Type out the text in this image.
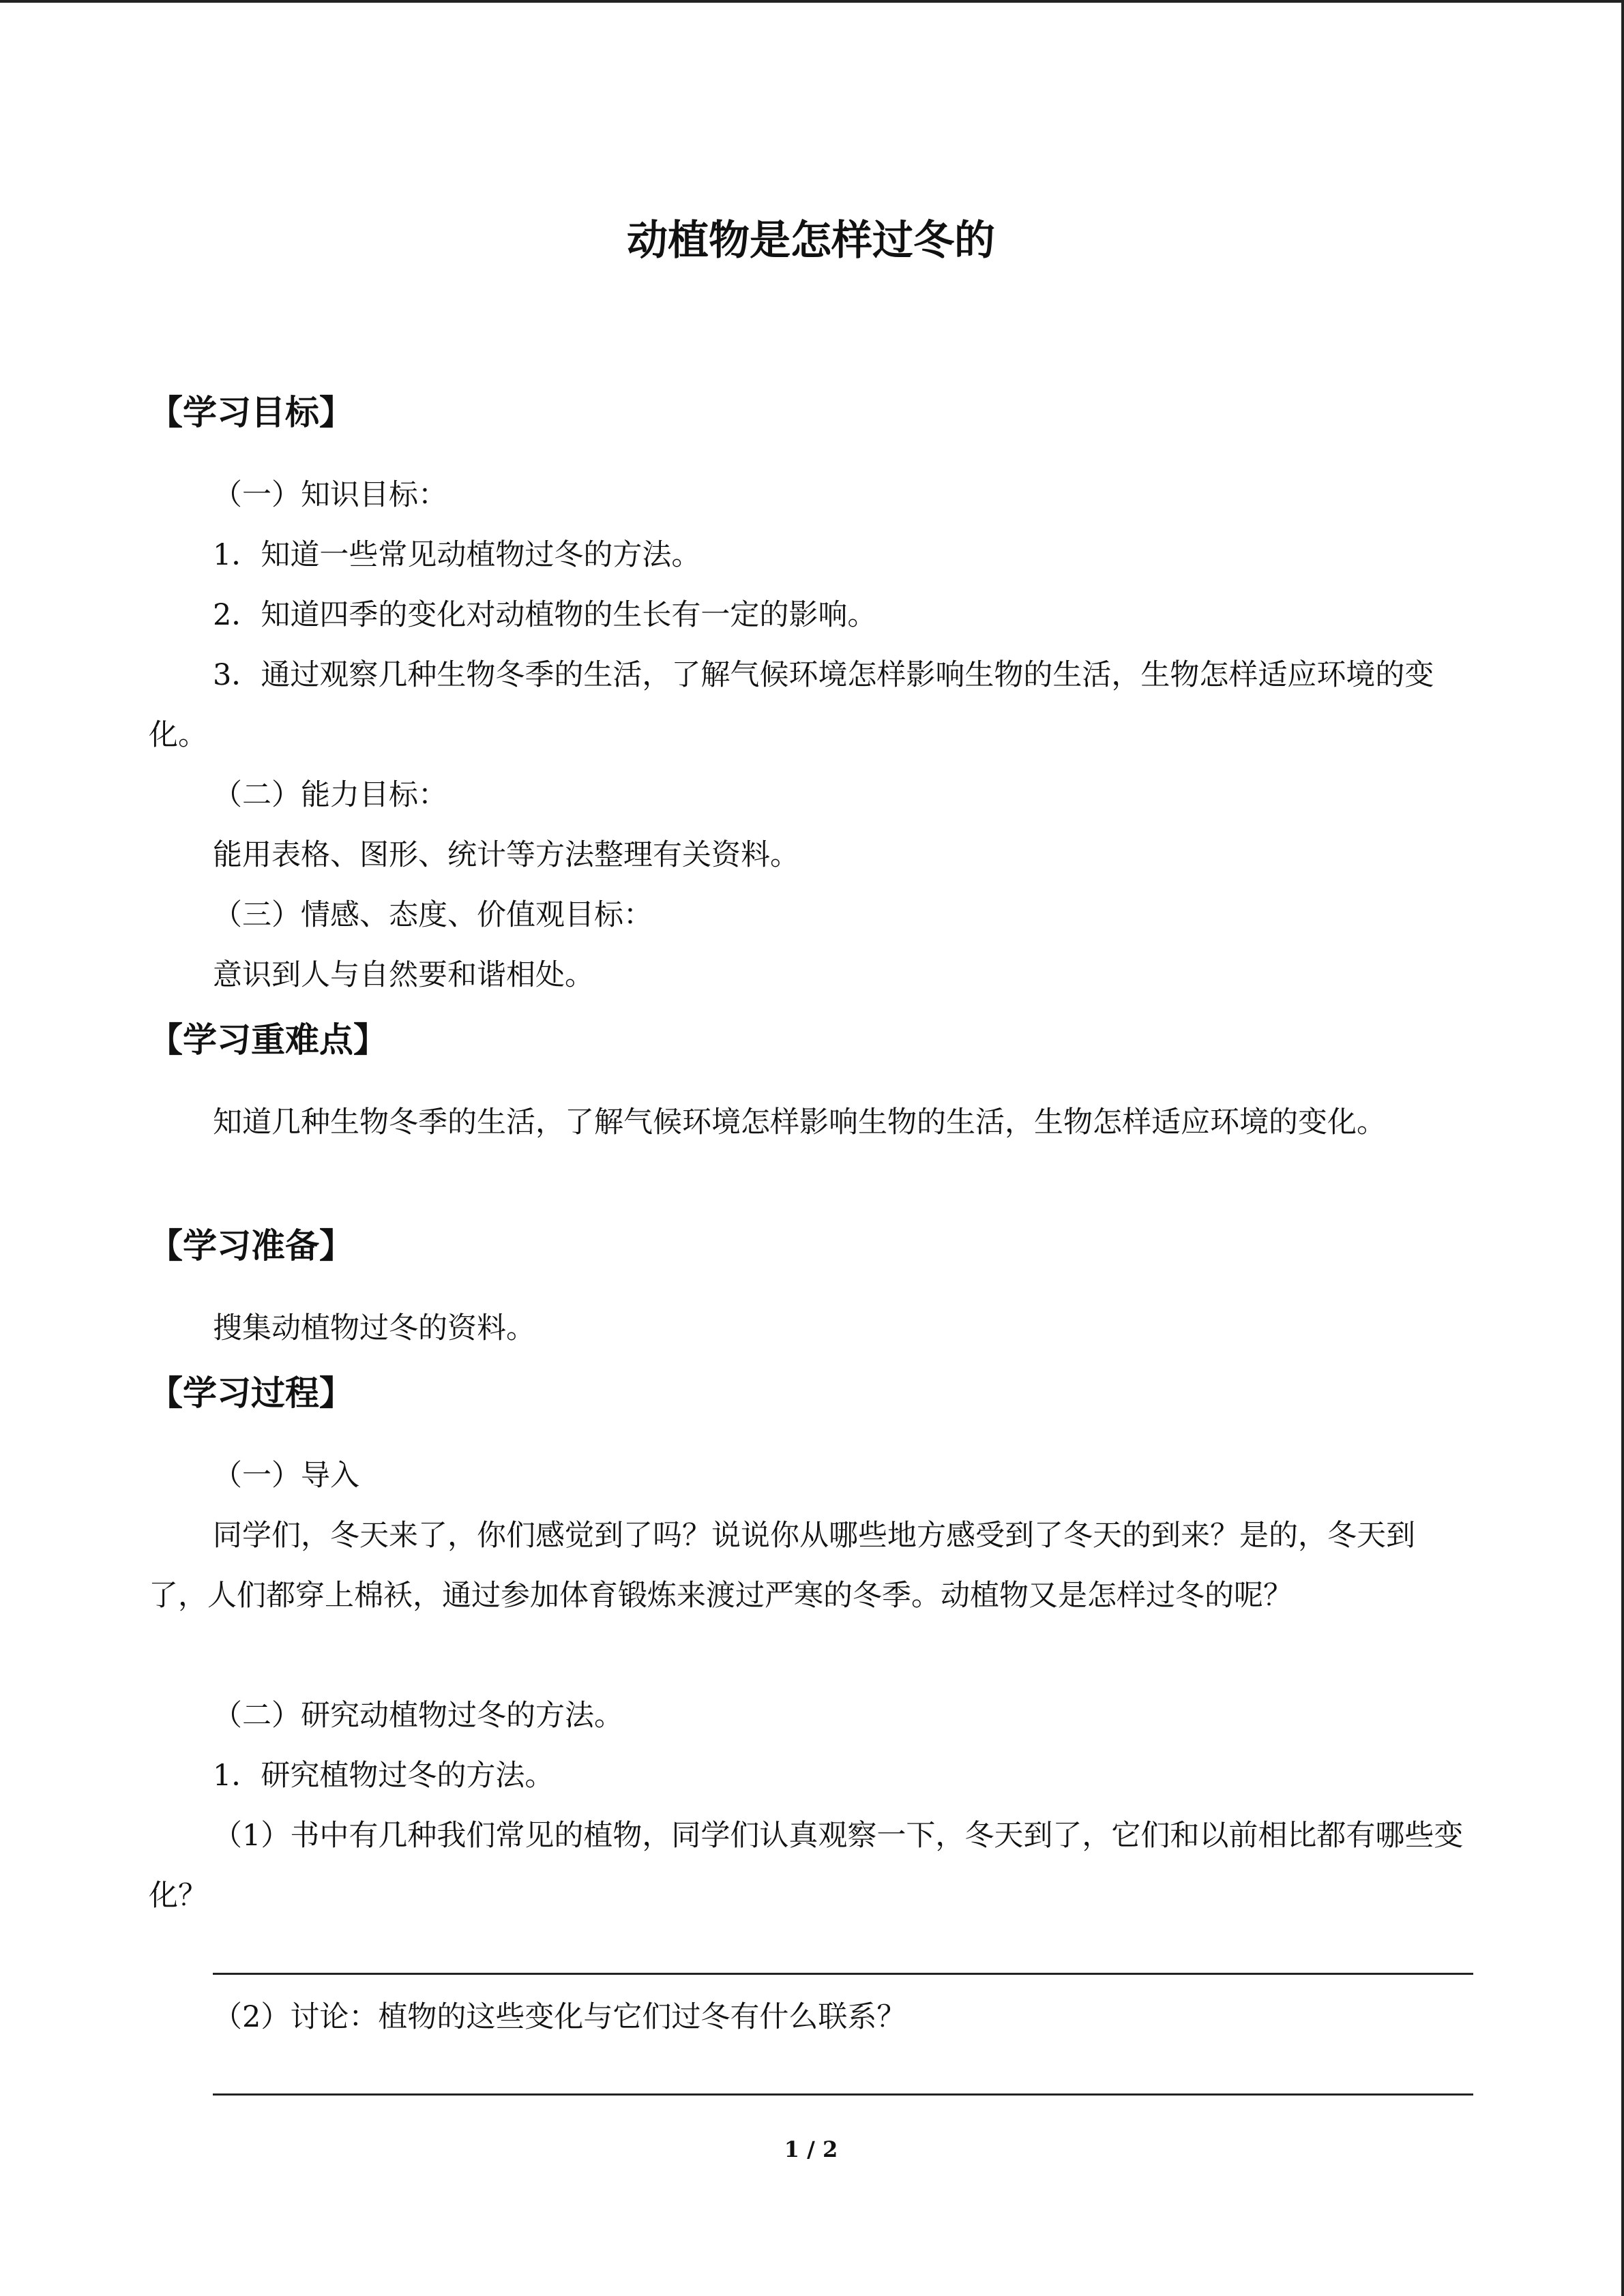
动植物是怎样过冬的
【学习目标】

（一）知识目标：

1．知道一些常见动植物过冬的方法。

2．知道四季的变化对动植物的生长有一定的影响。

3．通过观察几种生物冬季的生活，了解气候环境怎样影响生物的生活，生物怎样适应环境的变化。

（二）能力目标：

能用表格、图形、统计等方法整理有关资料。

（三）情感、态度、价值观目标：

意识到人与自然要和谐相处。

【学习重难点】

知道几种生物冬季的生活，了解气候环境怎样影响生物的生活，生物怎样适应环境的变化。

【学习准备】

搜集动植物过冬的资料。

【学习过程】

（一）导入

同学们，冬天来了，你们感觉到了吗？说说你从哪些地方感受到了冬天的到来？是的，冬天到了，人们都穿上棉袄，通过参加体育锻炼来渡过严寒的冬季。动植物又是怎样过冬的呢？

（二）研究动植物过冬的方法。

1．研究植物过冬的方法。

（1）书中有几种我们常见的植物，同学们认真观察一下，冬天到了，它们和以前相比都有哪些变化？

（2）讨论：植物的这些变化与它们过冬有什么联系？

1 / 2
